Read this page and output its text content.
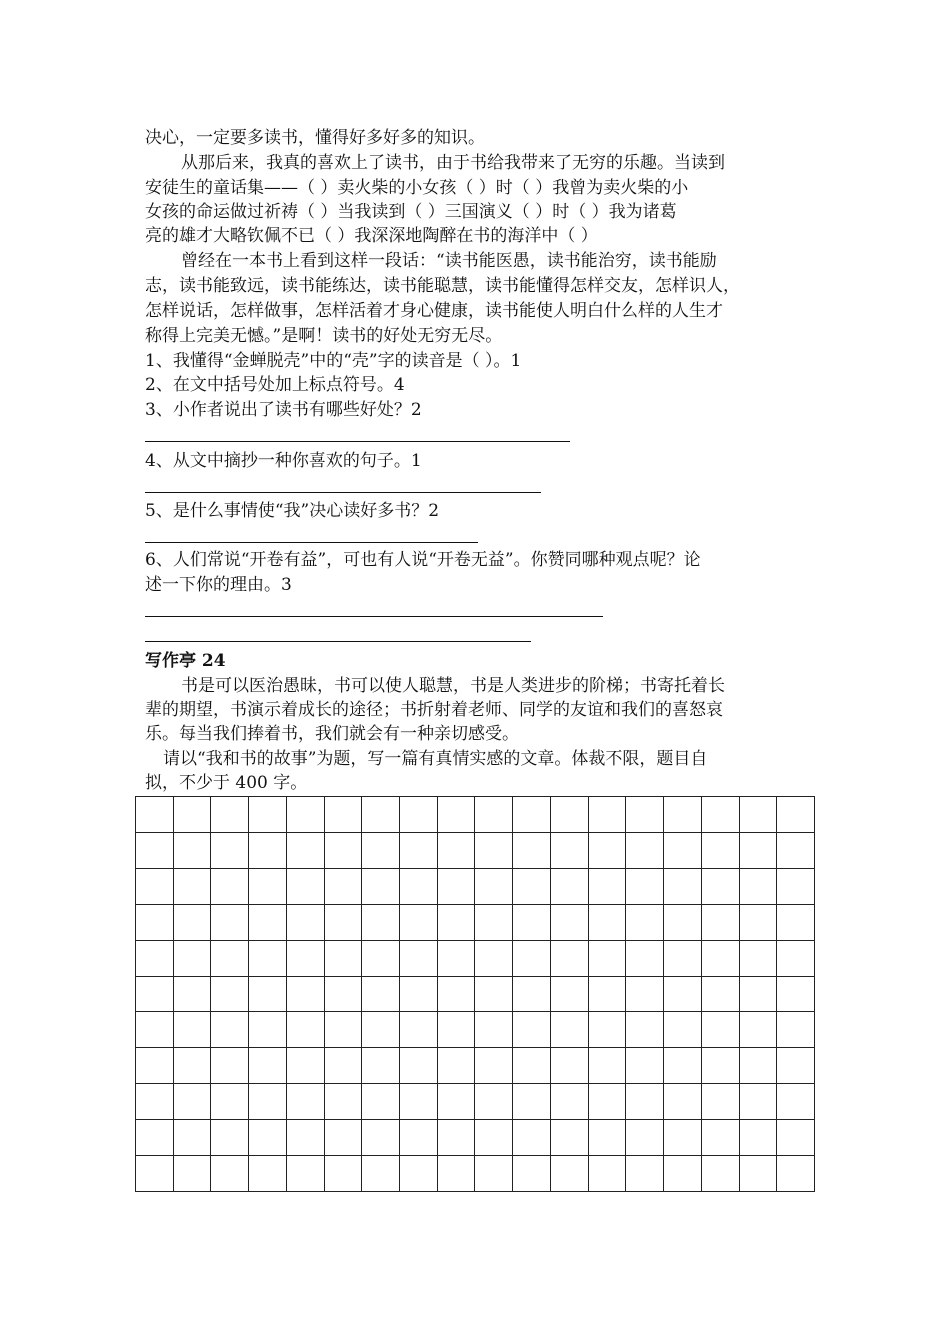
决心，一定要多读书，懂得好多好多的知识。
从那后来，我真的喜欢上了读书，由于书给我带来了无穷的乐趣。当读到
安徒生的童话集——（ ）卖火柴的小女孩（ ）时（ ）我曾为卖火柴的小
女孩的命运做过祈祷（ ）当我读到（ ）三国演义（ ）时（ ）我为诸葛
亮的雄才大略钦佩不已（ ）我深深地陶醉在书的海洋中（ ）
曾经在一本书上看到这样一段话：“读书能医愚，读书能治穷，读书能励
志，读书能致远，读书能练达，读书能聪慧，读书能懂得怎样交友，怎样识人，
怎样说话，怎样做事，怎样活着才身心健康，读书能使人明白什么样的人生才
称得上完美无憾。”是啊！读书的好处无穷无尽。
1、我懂得“金蝉脱壳”中的“壳”字的读音是（ ）。1
2、在文中括号处加上标点符号。4
3、小作者说出了读书有哪些好处？2
4、从文中摘抄一种你喜欢的句子。1
5、是什么事情使“我”决心读好多书？2
6、人们常说“开卷有益”，可也有人说“开卷无益”。你赞同哪种观点呢？论
述一下你的理由。3
写作亭 24
书是可以医治愚昧，书可以使人聪慧，书是人类进步的阶梯；书寄托着长
辈的期望，书演示着成长的途径；书折射着老师、同学的友谊和我们的喜怒哀
乐。每当我们捧着书，我们就会有一种亲切感受。
请以“我和书的故事”为题，写一篇有真情实感的文章。体裁不限，题目自
拟，不少于 400 字。
